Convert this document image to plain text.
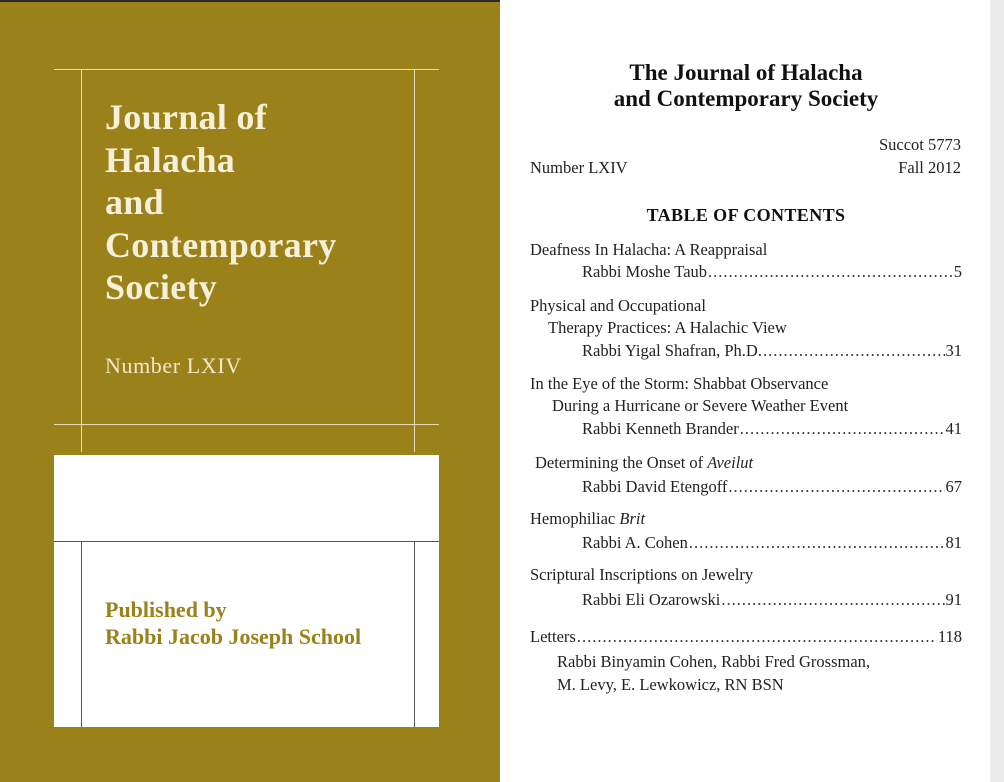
Journal of
Halacha
and
Contemporary
Society
Number LXIV
Published by
Rabbi Jacob Joseph School
The Journal of Halacha
and Contemporary Society
Succot 5773
Number LXIV	Fall 2012
TABLE OF CONTENTS
Deafness In Halacha: A Reappraisal
Rabbi Moshe Taub .....	5
Physical and Occupational
Therapy Practices: A Halachic View
Rabbi Yigal Shafran, Ph.D. .....	31
In the Eye of the Storm: Shabbat Observance
During a Hurricane or Severe Weather Event
Rabbi Kenneth Brander .....	41
Determining the Onset of Aveilut
Rabbi David Etengoff .....	67
Hemophiliac Brit
Rabbi A. Cohen .....	81
Scriptural Inscriptions on Jewelry
Rabbi Eli Ozarowski .....	91
Letters .....	118
Rabbi Binyamin Cohen, Rabbi Fred Grossman,
M. Levy, E. Lewkowicz, RN BSN
